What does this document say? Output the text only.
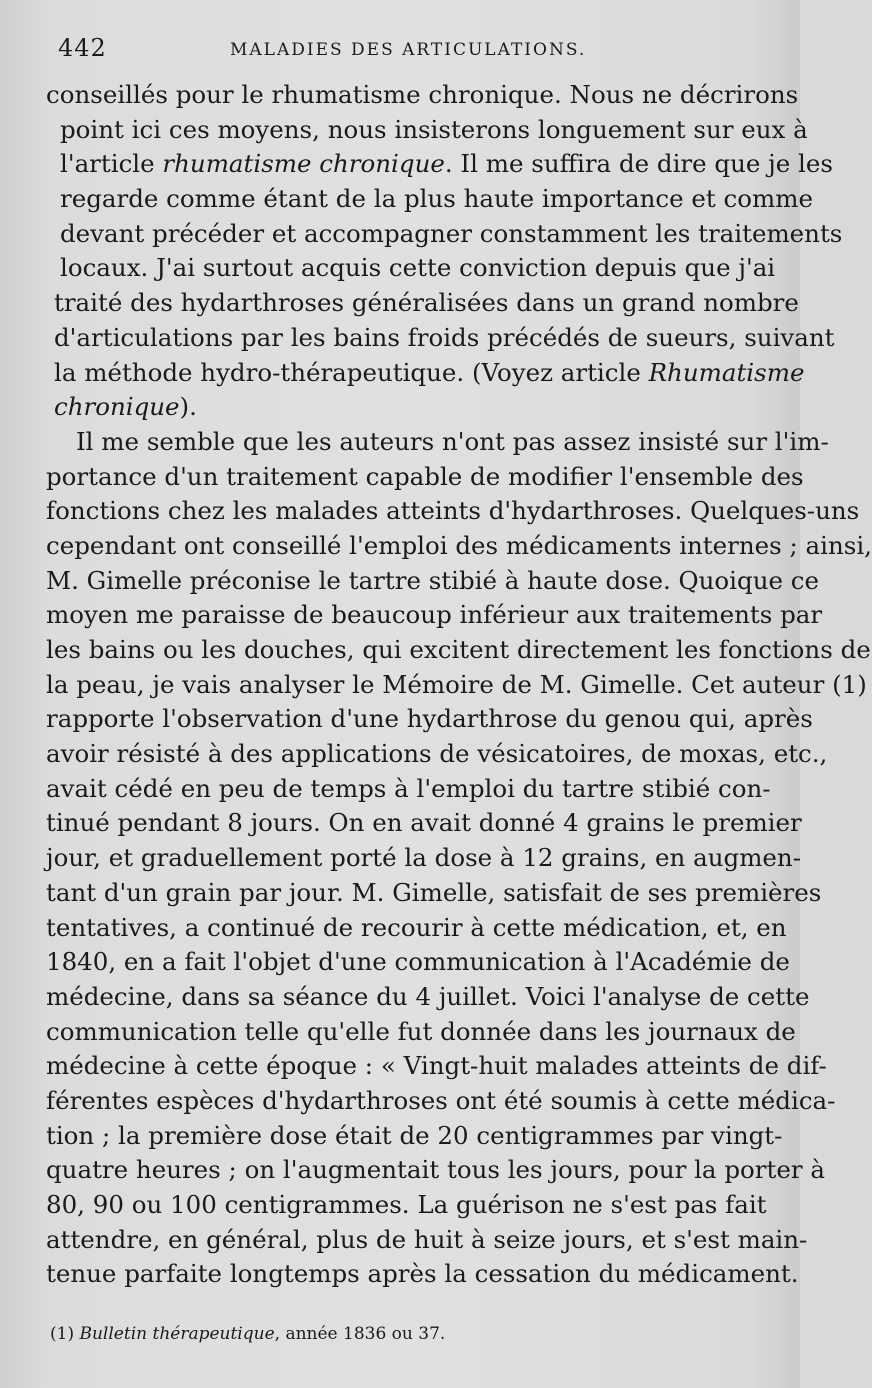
442	MALADIES DES ARTICULATIONS.
conseillés pour le rhumatisme chronique. Nous ne décrirons
point ici ces moyens, nous insisterons longuement sur eux à
l'article rhumatisme chronique. Il me suffira de dire que je les
regarde comme étant de la plus haute importance et comme
devant précéder et accompagner constamment les traitements
locaux. J'ai surtout acquis cette conviction depuis que j'ai
traité des hydarthroses généralisées dans un grand nombre
d'articulations par les bains froids précédés de sueurs, suivant
la méthode hydro-thérapeutique. (Voyez article Rhumatisme
chronique).
Il me semble que les auteurs n'ont pas assez insisté sur l'im-
portance d'un traitement capable de modifier l'ensemble des
fonctions chez les malades atteints d'hydarthroses. Quelques-uns
cependant ont conseillé l'emploi des médicaments internes ; ainsi,
M. Gimelle préconise le tartre stibié à haute dose. Quoique ce
moyen me paraisse de beaucoup inférieur aux traitements par
les bains ou les douches, qui excitent directement les fonctions de
la peau, je vais analyser le Mémoire de M. Gimelle. Cet auteur (1)
rapporte l'observation d'une hydarthrose du genou qui, après
avoir résisté à des applications de vésicatoires, de moxas, etc.,
avait cédé en peu de temps à l'emploi du tartre stibié con-
tinué pendant 8 jours. On en avait donné 4 grains le premier
jour, et graduellement porté la dose à 12 grains, en augmen-
tant d'un grain par jour. M. Gimelle, satisfait de ses premières
tentatives, a continué de recourir à cette médication, et, en
1840, en a fait l'objet d'une communication à l'Académie de
médecine, dans sa séance du 4 juillet. Voici l'analyse de cette
communication telle qu'elle fut donnée dans les journaux de
médecine à cette époque : « Vingt-huit malades atteints de dif-
férentes espèces d'hydarthroses ont été soumis à cette médica-
tion ; la première dose était de 20 centigrammes par vingt-
quatre heures ; on l'augmentait tous les jours, pour la porter à
80, 90 ou 100 centigrammes. La guérison ne s'est pas fait
attendre, en général, plus de huit à seize jours, et s'est main-
tenue parfaite longtemps après la cessation du médicament.
(1) Bulletin thérapeutique, année 1836 ou 37.
